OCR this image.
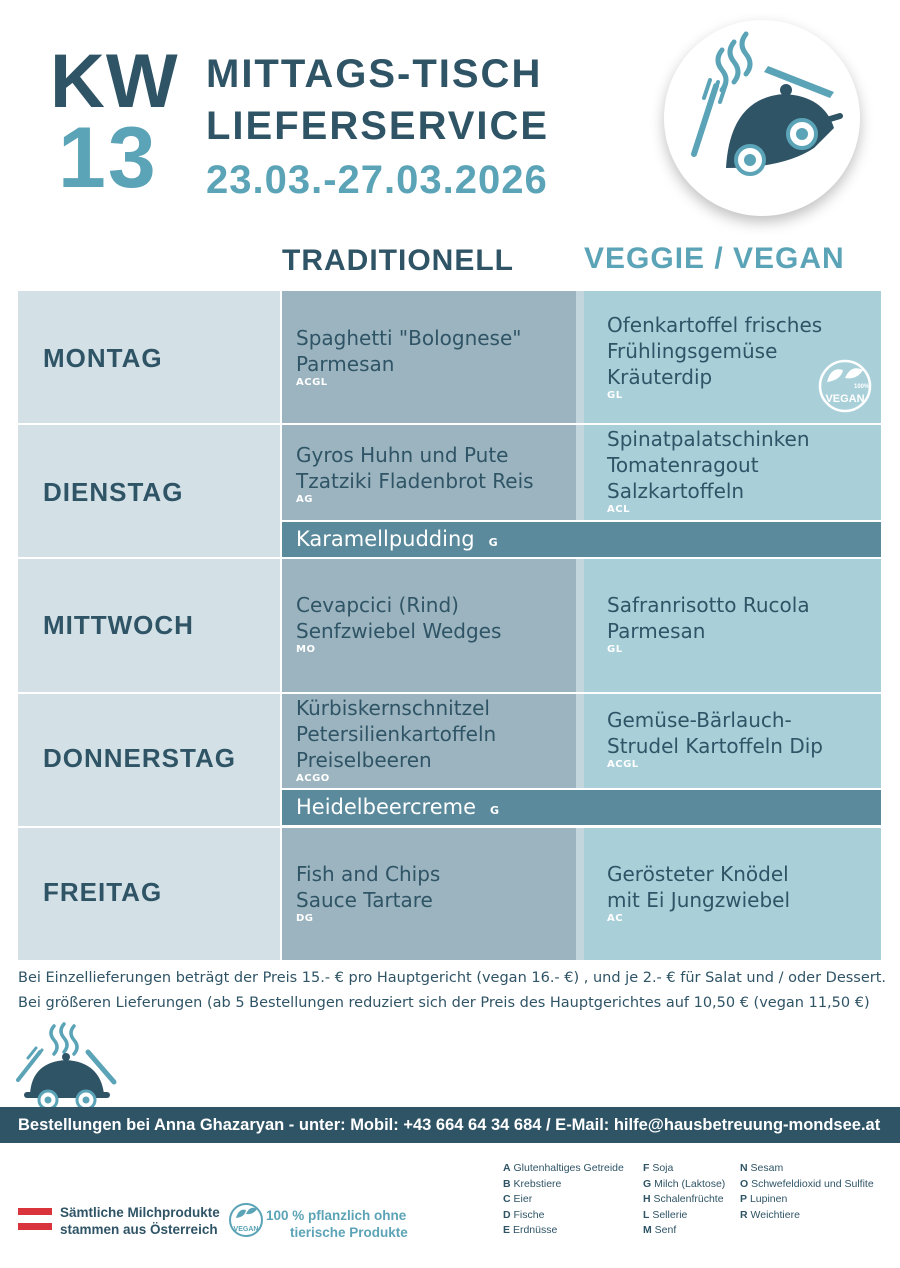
KW
13
MITTAGS-TISCH
LIEFERSERVICE
23.03.-27.03.2026
TRADITIONELL VEGGIE / VEGAN
Karamellpudding G
Heidelbeercreme G
MONTAG
DIENSTAG
MITTWOCH
DONNERSTAG
FREITAG
Spaghetti "Bolognese"
Parmesan
ACGL
Ofenkartoffel frisches
Frühlingsgemüse
Kräuterdip
GL
100%
VEGAN
Gyros Huhn und Pute
Tzatziki Fladenbrot Reis
AG
Spinatpalatschinken
Tomatenragout
Salzkartoffeln
ACL
Cevapcici (Rind)
Senfzwiebel Wedges
MO
Safranrisotto Rucola
Parmesan
GL
Kürbiskernschnitzel
Petersilienkartoffeln
Preiselbeeren
ACGO
Gemüse-Bärlauch-
Strudel Kartoffeln Dip
ACGL
Fish and Chips
Sauce Tartare
DG
Gerösteter Knödel
mit Ei Jungzwiebel
AC
Bei Einzellieferungen beträgt der Preis 15.- € pro Hauptgericht (vegan 16.- €) , und je 2.- € für Salat und / oder Dessert.
Bei größeren Lieferungen (ab 5 Bestellungen reduziert sich der Preis des Hauptgerichtes auf 10,50 € (vegan 11,50 €)
Bestellungen bei Anna Ghazaryan - unter: Mobil: +43 664 64 34 684 / E-Mail: hilfe@hausbetreuung-mondsee.at
Sämtliche Milchprodukte
stammen aus Österreich	VEGAN
100 % pflanzlich ohne
tierische Produkte
A Glutenhaltiges Getreide
B Krebstiere
C Eier
D Fische
E Erdnüsse
F Soja
G Milch (Laktose)
H Schalenfrüchte
L Sellerie
M Senf
N Sesam
O Schwefeldioxid und Sulfite
P Lupinen
R Weichtiere
